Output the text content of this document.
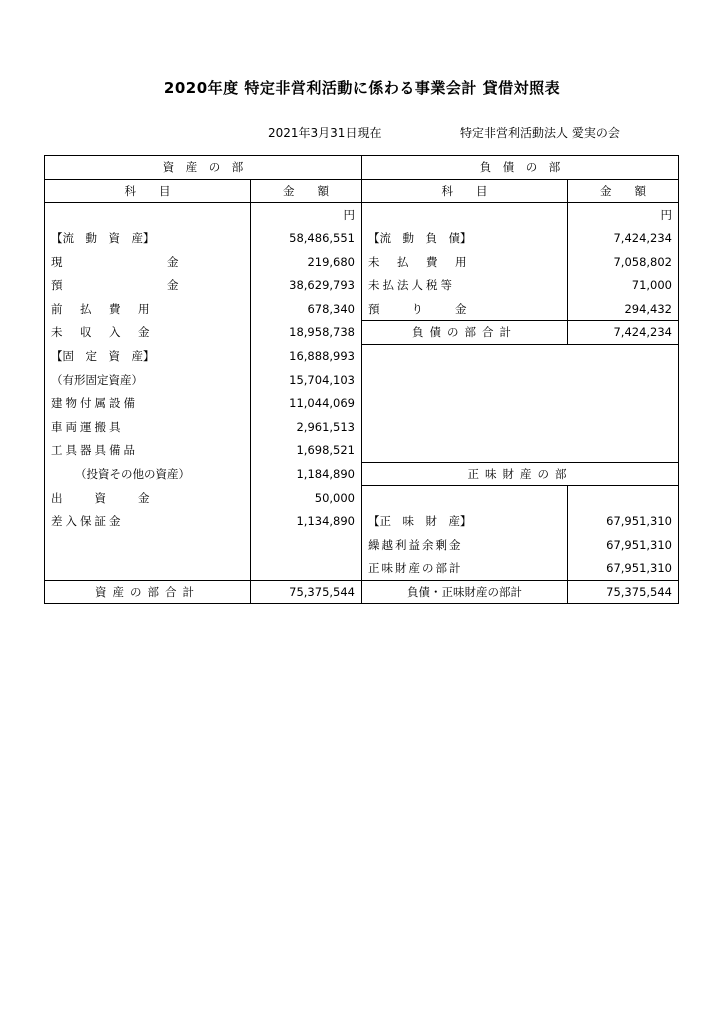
2020年度 特定非営利活動に係わる事業会計 貸借対照表
2021年3月31日現在	特定非営利活動法人 愛実の会
資　産　の　部		負　債　の　部	
科　　目	金　　額	科　　目	金　　額
	円		円
【流　動　資　産】	58,486,551	【流　動　負　債】	7,424,234
現　　　　　　　金	219,680	未　払　費　用	7,058,802
預　　　　　　　金	38,629,793	未払法人税等	71,000
前　払　費　用	678,340	預　　り　　金	294,432
未　収　入　金	18,958,738	負債の部合計	7,424,234
【固　定　資　産】	16,888,993		
（有形固定資産）	15,704,103		
建物付属設備	11,044,069		
車両運搬具	2,961,513		
工具器具備品	1,698,521		
（投資その他の資産）	1,184,890	正味財産の部	
出　　資　　金	50,000		
差入保証金	1,134,890	【正　味　財　産】	67,951,310
		繰越利益余剰金	67,951,310
		正味財産の部計	67,951,310
資産の部合計	75,375,544	負債・正味財産の部計	75,375,544
